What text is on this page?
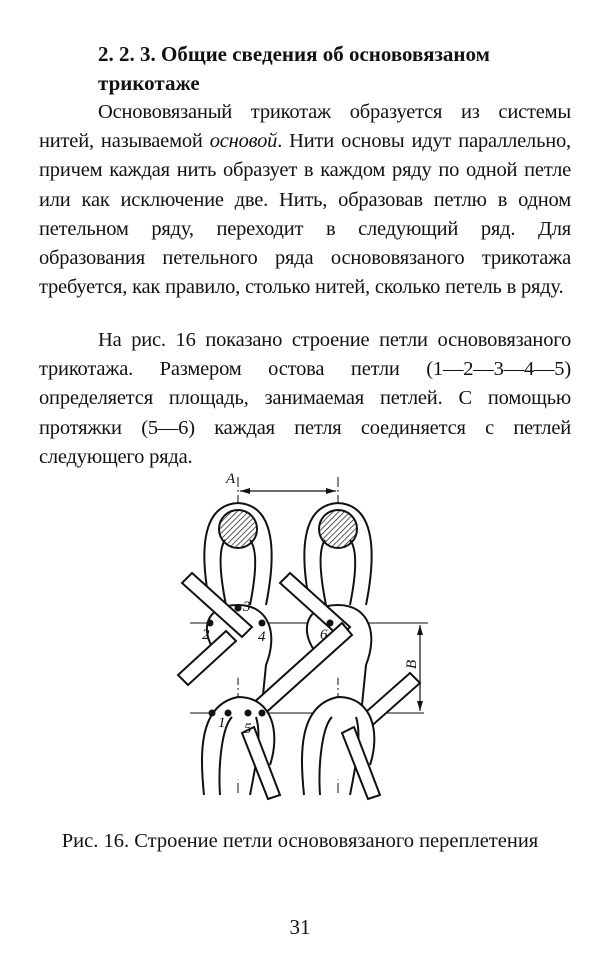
2. 2. 3. Общие сведения об основовязаном трикотаже

Основовязаный трикотаж образуется из системы нитей, называемой основой. Нити основы идут параллельно, причем каждая нить образует в каждом ряду по одной петле или как исключение две. Нить, образовав петлю в одном петельном ряду, переходит в следующий ряд. Для образования петельного ряда основовязаного трикотажа требуется, как правило, столько нитей, сколько петель в ряду.

На рис. 16 показано строение петли основовязаного трикотажа. Размером остова петли (1—2—3—4—5) определяется площадь, занимаемая петлей. С помощью протяжки (5—6) каждая петля соединяется с петлей следующего ряда.

A
B
1
2
3
4
5
6

Рис. 16. Строение петли основовязаного переплетения

31
